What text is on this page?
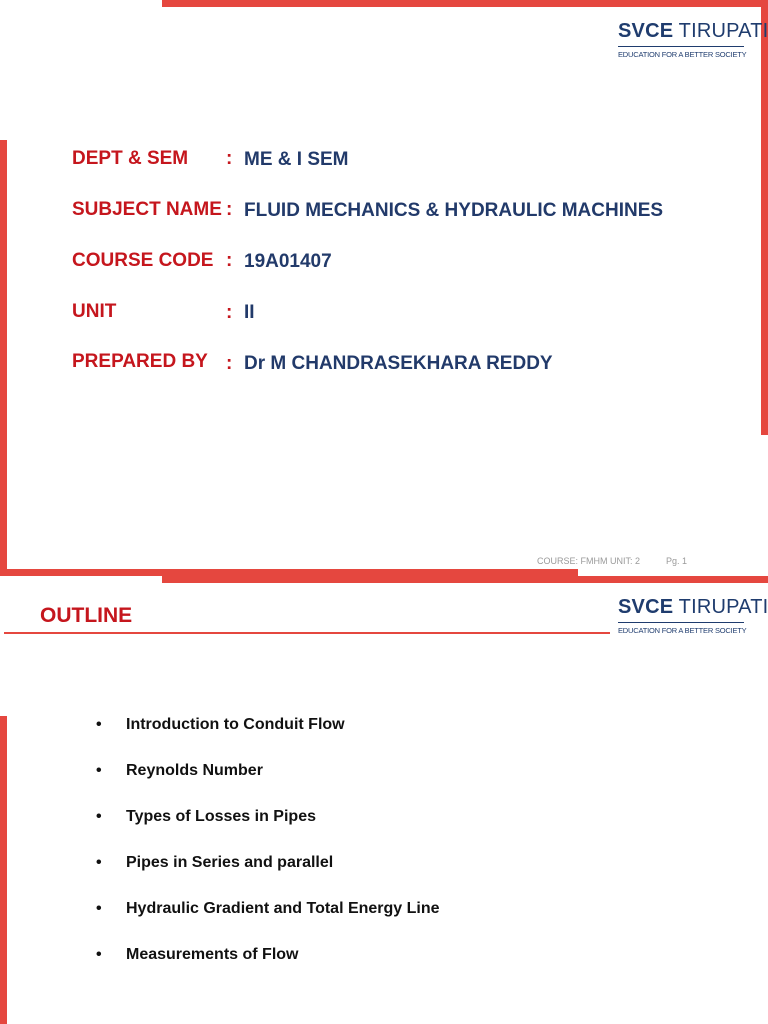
SVCE TIRUPATI
EDUCATION FOR A BETTER SOCIETY
DEPT & SEM : ME & I SEM
SUBJECT NAME : FLUID MECHANICS & HYDRAULIC MACHINES
COURSE CODE : 19A01407
UNIT	: II
PREPARED BY : Dr M CHANDRASEKHARA REDDY
COURSE: FMHM UNIT: 2	Pg. 1
SVCE TIRUPATI
EDUCATION FOR A BETTER SOCIETY
OUTLINE
• Introduction to Conduit Flow
• Reynolds Number
• Types of Losses in Pipes
• Pipes in Series and parallel
• Hydraulic Gradient and Total Energy Line
• Measurements of Flow
